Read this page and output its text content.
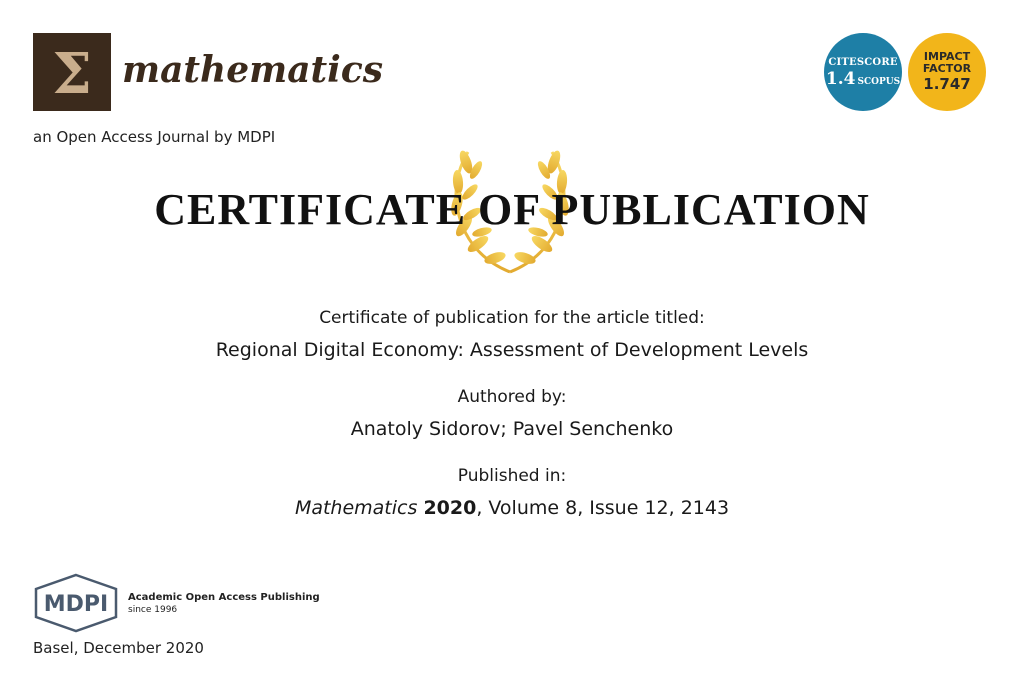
Σ mathematics
an Open Access Journal by MDPI
CITESCORE
1.4 SCOPUS
IMPACT
FACTOR
1.747
CERTIFICATE OF PUBLICATION
Certificate of publication for the article titled:
Regional Digital Economy: Assessment of Development Levels
Authored by:
Anatoly Sidorov; Pavel Senchenko
Published in:
Mathematics 2020, Volume 8, Issue 12, 2143
MDPI Academic Open Access Publishing
since 1996
Basel, December 2020
